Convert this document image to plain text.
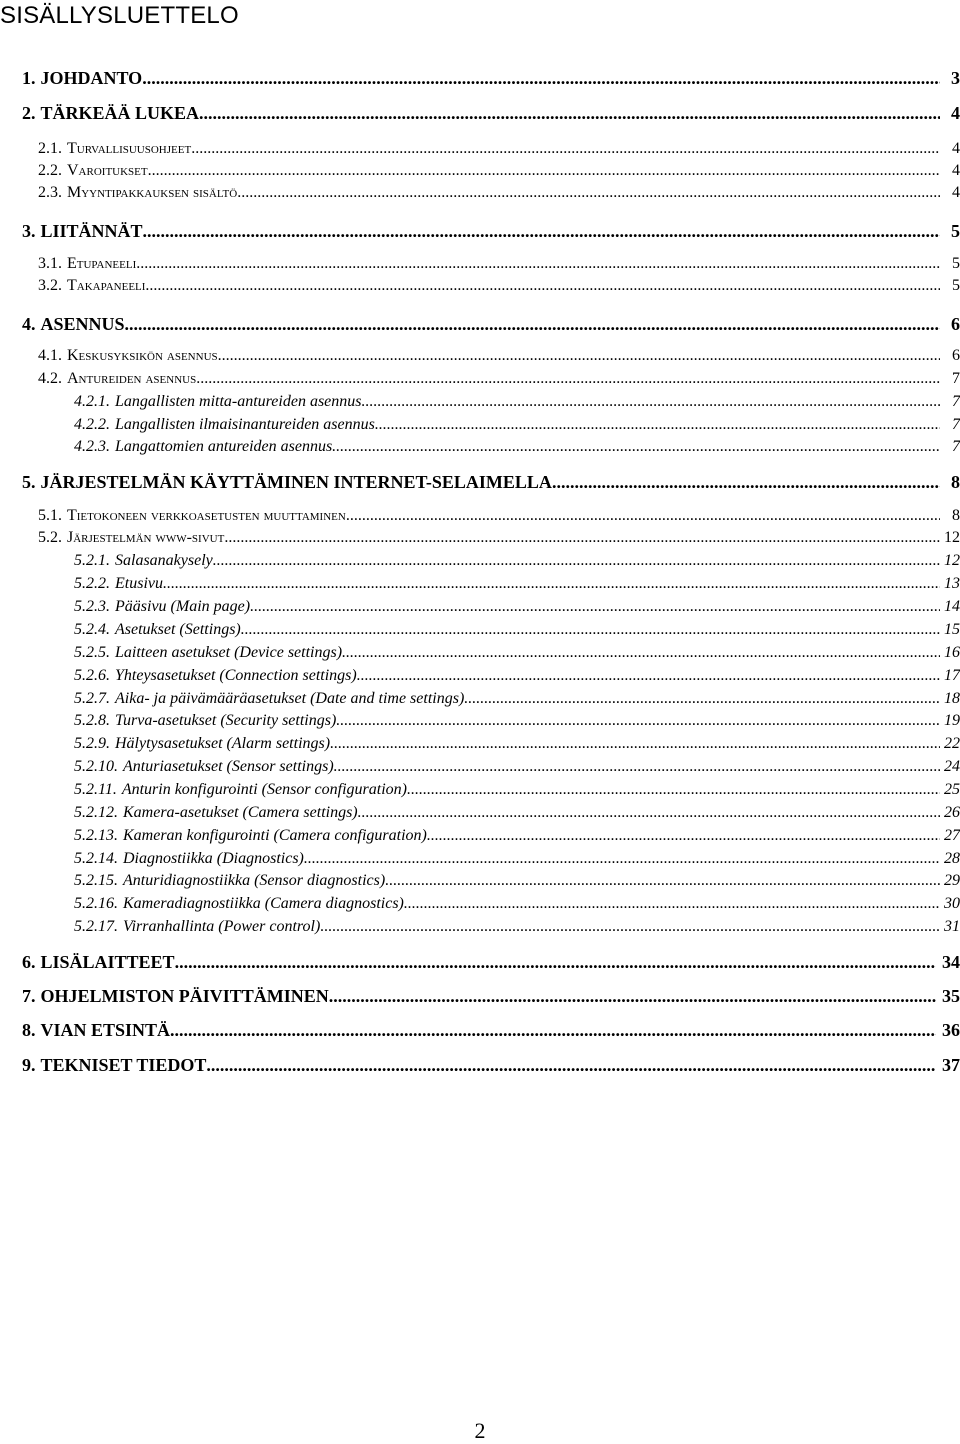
SISÄLLYSLUETTELO
1. JOHDANTO .....	3
2. TÄRKEÄÄ LUKEA .....	4
2.1. Turvallisuusohjeet .....	4
2.2. Varoitukset .....	4
2.3. Myyntipakkauksen sisältö .....	4
3. LIITÄNNÄT .....	5
3.1. Etupaneeli .....	5
3.2. Takapaneeli .....	5
4. ASENNUS .....	6
4.1. Keskusyksikön asennus .....	6
4.2. Antureiden asennus .....	7
4.2.1. Langallisten mitta-antureiden asennus .....	7
4.2.2. Langallisten ilmaisinantureiden asennus .....	7
4.2.3. Langattomien antureiden asennus .....	7
5. JÄRJESTELMÄN KÄYTTÄMINEN INTERNET-SELAIMELLA .....	8
5.1. Tietokoneen verkkoasetusten muuttaminen .....	8
5.2. Järjestelmän www-sivut .....	12
5.2.1. Salasanakysely .....	12
5.2.2. Etusivu .....	13
5.2.3. Pääsivu (Main page) .....	14
5.2.4. Asetukset (Settings) .....	15
5.2.5. Laitteen asetukset (Device settings) .....	16
5.2.6. Yhteysasetukset (Connection settings) .....	17
5.2.7. Aika- ja päivämääräasetukset (Date and time settings) .....	18
5.2.8. Turva-asetukset (Security settings) .....	19
5.2.9. Hälytysasetukset (Alarm settings) .....	22
5.2.10. Anturiasetukset (Sensor settings) .....	24
5.2.11. Anturin konfigurointi (Sensor configuration) .....	25
5.2.12. Kamera-asetukset (Camera settings) .....	26
5.2.13. Kameran konfigurointi (Camera configuration) .....	27
5.2.14. Diagnostiikka (Diagnostics) .....	28
5.2.15. Anturidiagnostiikka (Sensor diagnostics) .....	29
5.2.16. Kameradiagnostiikka (Camera diagnostics) .....	30
5.2.17. Virranhallinta (Power control) .....	31
6. LISÄLAITTEET .....	34
7. OHJELMISTON PÄIVITTÄMINEN .....	35
8. VIAN ETSINTÄ .....	36
9. TEKNISET TIEDOT .....	37
2
